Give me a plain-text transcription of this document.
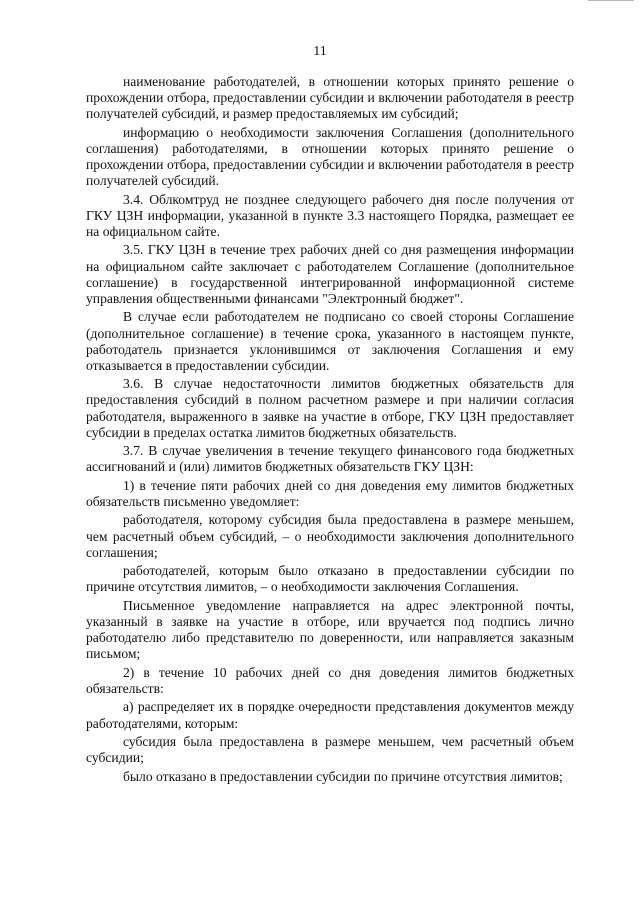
11

наименование работодателей, в отношении которых принято решение о прохождении отбора, предоставлении субсидии и включении работодателя в реестр получателей субсидий, и размер предоставляемых им субсидий;

информацию о необходимости заключения Соглашения (дополнительного соглашения) работодателями, в отношении которых принято решение о прохождении отбора, предоставлении субсидии и включении работодателя в реестр получателей субсидий.

3.4. Облкомтруд не позднее следующего рабочего дня после получения от ГКУ ЦЗН информации, указанной в пункте 3.3 настоящего Порядка, размещает ее на официальном сайте.

3.5. ГКУ ЦЗН в течение трех рабочих дней со дня размещения информации на официальном сайте заключает с работодателем Соглашение (дополнительное соглашение) в государственной интегрированной информационной системе управления общественными финансами "Электронный бюджет".

В случае если работодателем не подписано со своей стороны Соглашение (дополнительное соглашение) в течение срока, указанного в настоящем пункте, работодатель признается уклонившимся от заключения Соглашения и ему отказывается в предоставлении субсидии.

3.6. В случае недостаточности лимитов бюджетных обязательств для предоставления субсидий в полном расчетном размере и при наличии согласия работодателя, выраженного в заявке на участие в отборе, ГКУ ЦЗН предоставляет субсидии в пределах остатка лимитов бюджетных обязательств.

3.7. В случае увеличения в течение текущего финансового года бюджетных ассигнований и (или) лимитов бюджетных обязательств ГКУ ЦЗН:

1) в течение пяти рабочих дней со дня доведения ему лимитов бюджетных обязательств письменно уведомляет:

работодателя, которому субсидия была предоставлена в размере меньшем, чем расчетный объем субсидий, – о необходимости заключения дополнительного соглашения;

работодателей, которым было отказано в предоставлении субсидии по причине отсутствия лимитов, – о необходимости заключения Соглашения.

Письменное уведомление направляется на адрес электронной почты, указанный в заявке на участие в отборе, или вручается под подпись лично работодателю либо представителю по доверенности, или направляется заказным письмом;

2) в течение 10 рабочих дней со дня доведения лимитов бюджетных обязательств:

а) распределяет их в порядке очередности представления документов между работодателями, которым:

субсидия была предоставлена в размере меньшем, чем расчетный объем субсидии;

было отказано в предоставлении субсидии по причине отсутствия лимитов;
